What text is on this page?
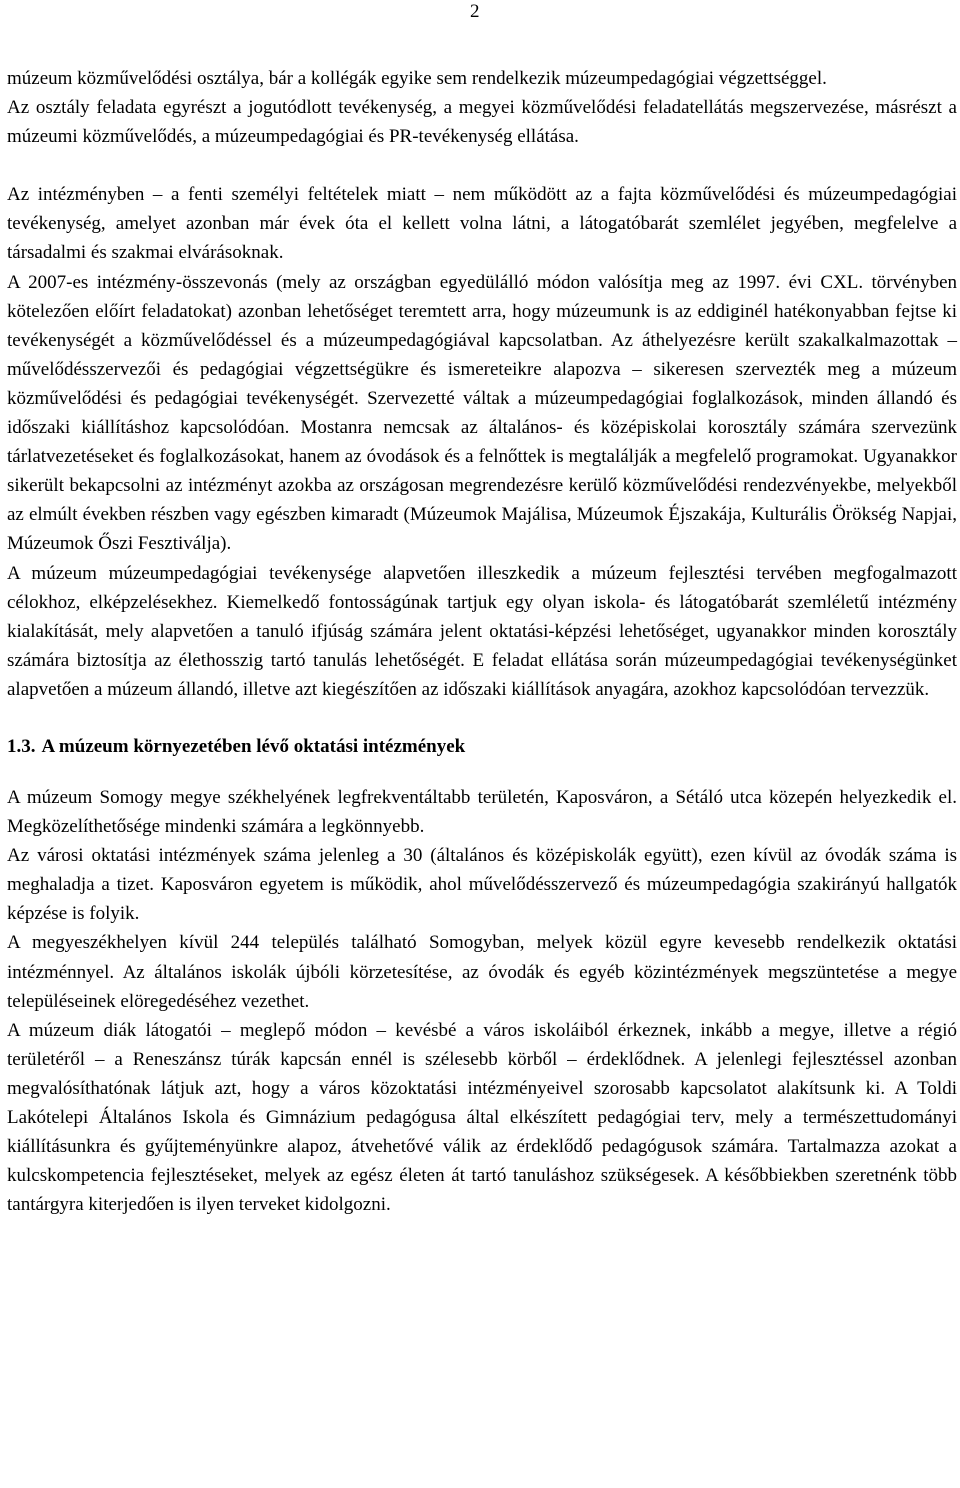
2

múzeum közművelődési osztálya, bár a kollégák egyike sem rendelkezik múzeumpedagógiai végzettséggel.

Az osztály feladata egyrészt a jogutódlott tevékenység, a megyei közművelődési feladatellátás megszervezése, másrészt a múzeumi közművelődés, a múzeumpedagógiai és PR-tevékenység ellátása.

Az intézményben – a fenti személyi feltételek miatt – nem működött az a fajta közművelődési és múzeumpedagógiai tevékenység, amelyet azonban már évek óta el kellett volna látni, a látogatóbarát szemlélet jegyében, megfelelve a társadalmi és szakmai elvárásoknak.

A 2007-es intézmény-összevonás (mely az országban egyedülálló módon valósítja meg az 1997. évi CXL. törvényben kötelezően előírt feladatokat) azonban lehetőséget teremtett arra, hogy múzeumunk is az eddiginél hatékonyabban fejtse ki tevékenységét a közművelődéssel és a múzeumpedagógiával kapcsolatban. Az áthelyezésre került szakalkalmazottak – művelődésszervezői és pedagógiai végzettségükre és ismereteikre alapozva – sikeresen szervezték meg a múzeum közművelődési és pedagógiai tevékenységét. Szervezetté váltak a múzeumpedagógiai foglalkozások, minden állandó és időszaki kiállításhoz kapcsolódóan. Mostanra nemcsak az általános- és középiskolai korosztály számára szervezünk tárlatvezetéseket és foglalkozásokat, hanem az óvodások és a felnőttek is megtalálják a megfelelő programokat. Ugyanakkor sikerült bekapcsolni az intézményt azokba az országosan megrendezésre kerülő közművelődési rendezvényekbe, melyekből az elmúlt években részben vagy egészben kimaradt (Múzeumok Majálisa, Múzeumok Éjszakája, Kulturális Örökség Napjai, Múzeumok Őszi Fesztiválja).

A múzeum múzeumpedagógiai tevékenysége alapvetően illeszkedik a múzeum fejlesztési tervében megfogalmazott célokhoz, elképzelésekhez. Kiemelkedő fontosságúnak tartjuk egy olyan iskola- és látogatóbarát szemléletű intézmény kialakítását, mely alapvetően a tanuló ifjúság számára jelent oktatási-képzési lehetőséget, ugyanakkor minden korosztály számára biztosítja az élethosszig tartó tanulás lehetőségét. E feladat ellátása során múzeumpedagógiai tevékenységünket alapvetően a múzeum állandó, illetve azt kiegészítően az időszaki kiállítások anyagára, azokhoz kapcsolódóan tervezzük.

1.3. A múzeum környezetében lévő oktatási intézmények

A múzeum Somogy megye székhelyének legfrekventáltabb területén, Kaposváron, a Sétáló utca közepén helyezkedik el. Megközelíthetősége mindenki számára a legkönnyebb.

Az városi oktatási intézmények száma jelenleg a 30 (általános és középiskolák együtt), ezen kívül az óvodák száma is meghaladja a tizet. Kaposváron egyetem is működik, ahol művelődésszervező és múzeumpedagógia szakirányú hallgatók képzése is folyik.

A megyeszékhelyen kívül 244 település található Somogyban, melyek közül egyre kevesebb rendelkezik oktatási intézménnyel. Az általános iskolák újbóli körzetesítése, az óvodák és egyéb közintézmények megszüntetése a megye településeinek elöregedéséhez vezethet.

A múzeum diák látogatói – meglepő módon – kevésbé a város iskoláiból érkeznek, inkább a megye, illetve a régió területéről – a Reneszánsz túrák kapcsán ennél is szélesebb körből – érdeklődnek. A jelenlegi fejlesztéssel azonban megvalósíthatónak látjuk azt, hogy a város közoktatási intézményeivel szorosabb kapcsolatot alakítsunk ki. A Toldi Lakótelepi Általános Iskola és Gimnázium pedagógusa által elkészített pedagógiai terv, mely a természettudományi kiállításunkra és gyűjteményünkre alapoz, átvehetővé válik az érdeklődő pedagógusok számára. Tartalmazza azokat a kulcskompetencia fejlesztéseket, melyek az egész életen át tartó tanuláshoz szükségesek. A későbbiekben szeretnénk több tantárgyra kiterjedően is ilyen terveket kidolgozni.
